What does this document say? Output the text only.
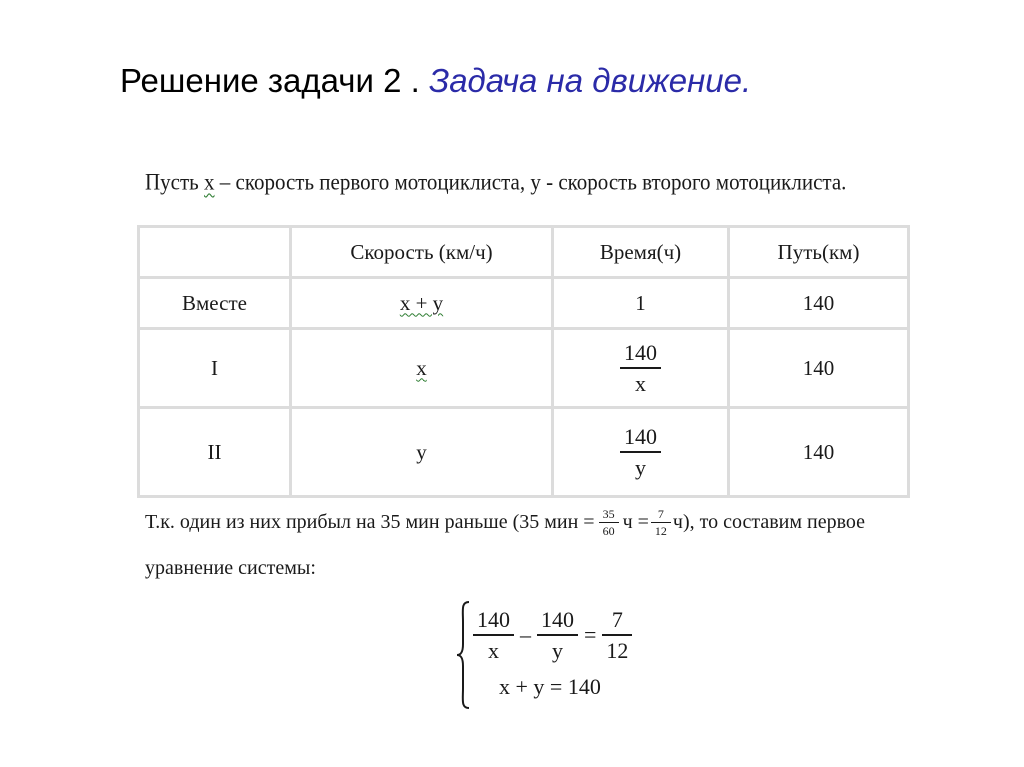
Решение задачи 2 . Задача на движение.
Пусть х – скорость первого мотоциклиста, у - скорость второго мотоциклиста.
	Скорость (км/ч)	Время(ч)	Путь(км)
Вместе	х + у	1	140
I	х	$\frac{140}{х}$	140
II	у	$\frac{140}{у}$	140
Т.к. один из них прибыл на 35 мин раньше (35 мин = $\frac{35}{60}$ $ч = \frac{7}{12} ч$), то составим первое
уравнение системы:
$\frac{140}{х} - \frac{140}{у} = \frac{7}{12}$
х + у = 140
